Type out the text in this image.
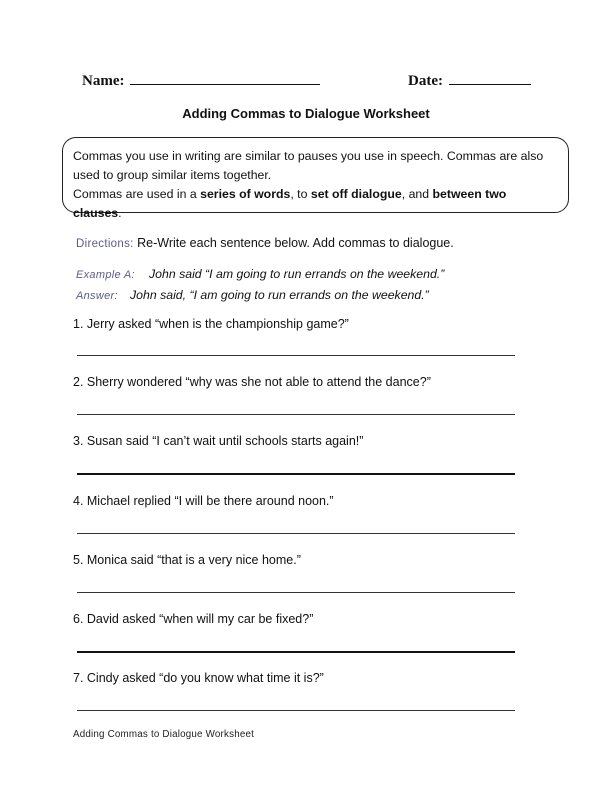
Name:	Date:
Adding Commas to Dialogue Worksheet

Commas you use in writing are similar to pauses you use in speech. Commas are also used to group similar items together.

Commas are used in a series of words, to set off dialogue, and between two clauses.

Directions: Re-Write each sentence below. Add commas to dialogue.
Example A: John said “I am going to run errands on the weekend.”
Answer: John said, “I am going to run errands on the weekend.”
1. Jerry asked “when is the championship game?”
2. Sherry wondered “why was she not able to attend the dance?”
3. Susan said “I can’t wait until schools starts again!”
4. Michael replied “I will be there around noon.”
5. Monica said “that is a very nice home.”
6. David asked “when will my car be fixed?”
7. Cindy asked “do you know what time it is?”
Adding Commas to Dialogue Worksheet
